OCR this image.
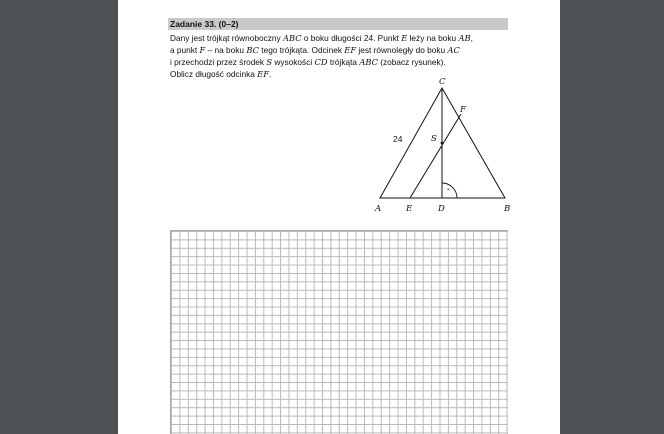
Zadanie 33. (0–2)

Dany jest trójkąt równoboczny ABC o boku długości 24. Punkt E leży na boku AB,

a punkt F – na boku BC tego trójkąta. Odcinek EF jest równoległy do boku AC

i przechodzi przez środek S wysokości CD trójkąta ABC (zobacz rysunek).

Oblicz długość odcinka EF.

·
C
F
S
24
A	E	D	B
